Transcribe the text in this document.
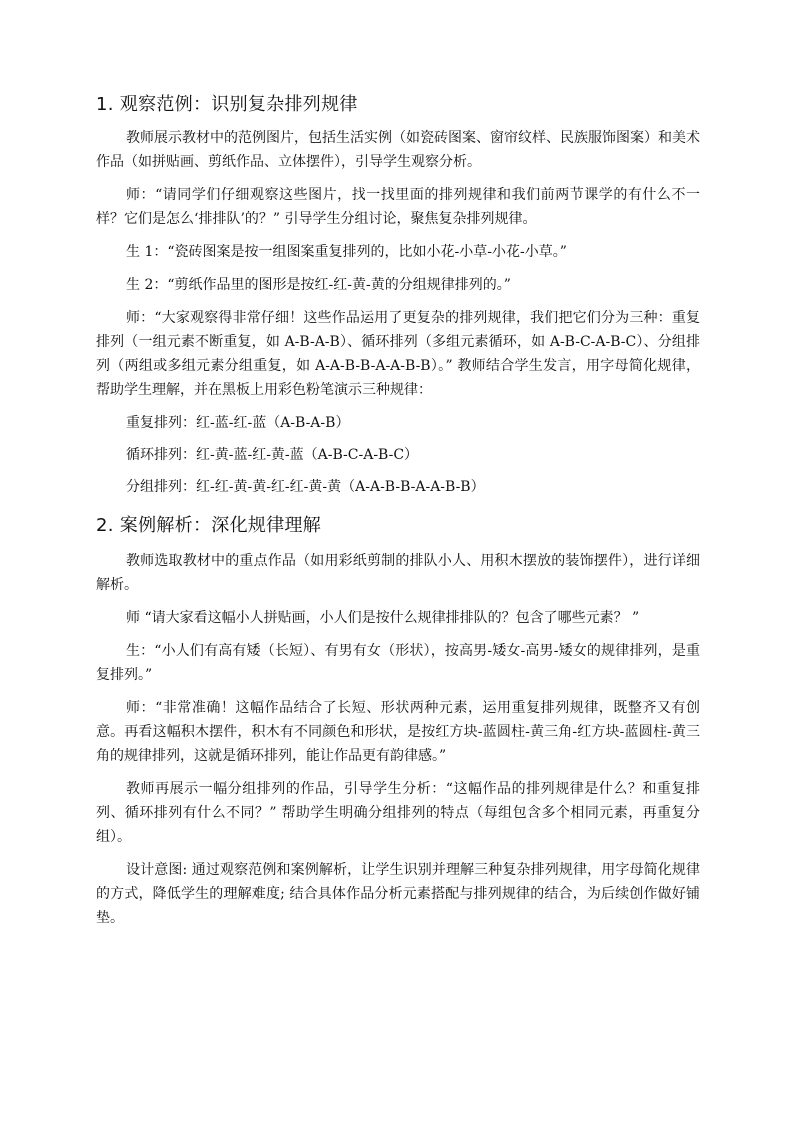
1. 观察范例：识别复杂排列规律

教师展示教材中的范例图片，包括生活实例（如瓷砖图案、窗帘纹样、民族服饰图案）和美术作品（如拼贴画、剪纸作品、立体摆件），引导学生观察分析。

师：“请同学们仔细观察这些图片，找一找里面的排列规律和我们前两节课学的有什么不一样？它们是怎么‘排排队’的？” 引导学生分组讨论，聚焦复杂排列规律。

生 1：“瓷砖图案是按一组图案重复排列的，比如小花-小草-小花-小草。”

生 2：“剪纸作品里的图形是按红-红-黄-黄的分组规律排列的。”

师：“大家观察得非常仔细！这些作品运用了更复杂的排列规律，我们把它们分为三种：重复排列（一组元素不断重复，如 A-B-A-B）、循环排列（多组元素循环，如 A-B-C-A-B-C）、分组排列（两组或多组元素分组重复，如 A-A-B-B-A-A-B-B）。” 教师结合学生发言，用字母简化规律，帮助学生理解，并在黑板上用彩色粉笔演示三种规律：

重复排列：红-蓝-红-蓝（A-B-A-B）

循环排列：红-黄-蓝-红-黄-蓝（A-B-C-A-B-C）

分组排列：红-红-黄-黄-红-红-黄-黄（A-A-B-B-A-A-B-B）

2. 案例解析：深化规律理解

教师选取教材中的重点作品（如用彩纸剪制的排队小人、用积木摆放的装饰摆件），进行详细解析。

师 “请大家看这幅小人拼贴画，小人们是按什么规律排排队的？包含了哪些元素？ ”

生：“小人们有高有矮（长短）、有男有女（形状），按高男-矮女-高男-矮女的规律排列，是重复排列。”

师：“非常准确！这幅作品结合了长短、形状两种元素，运用重复排列规律，既整齐又有创意。再看这幅积木摆件，积木有不同颜色和形状，是按红方块-蓝圆柱-黄三角-红方块-蓝圆柱-黄三角的规律排列，这就是循环排列，能让作品更有韵律感。”

教师再展示一幅分组排列的作品，引导学生分析：“这幅作品的排列规律是什么？和重复排列、循环排列有什么不同？” 帮助学生明确分组排列的特点（每组包含多个相同元素，再重复分组）。

设计意图: 通过观察范例和案例解析，让学生识别并理解三种复杂排列规律，用字母简化规律的方式，降低学生的理解难度; 结合具体作品分析元素搭配与排列规律的结合，为后续创作做好铺垫。
